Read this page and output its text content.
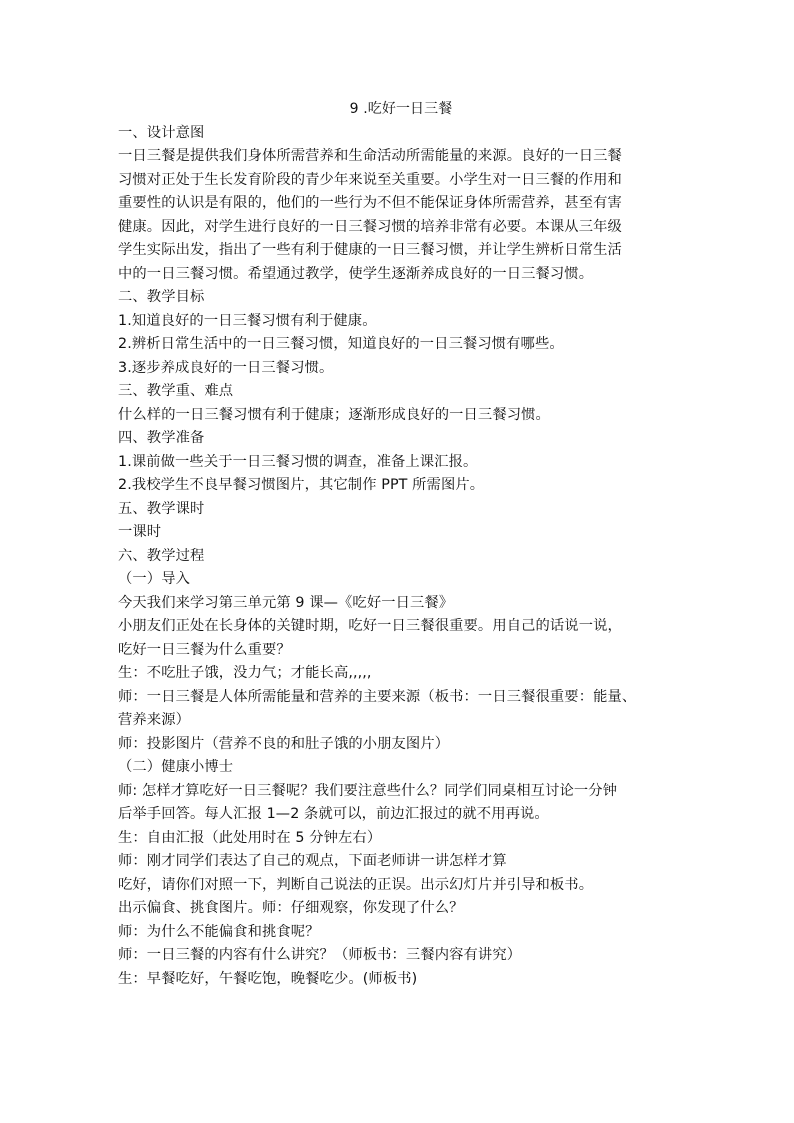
9 .吃好一日三餐

一、设计意图

一日三餐是提供我们身体所需营养和生命活动所需能量的来源。良好的一日三餐

习惯对正处于生长发育阶段的青少年来说至关重要。小学生对一日三餐的作用和

重要性的认识是有限的，他们的一些行为不但不能保证身体所需营养，甚至有害

健康。因此，对学生进行良好的一日三餐习惯的培养非常有必要。本课从三年级

学生实际出发，指出了一些有利于健康的一日三餐习惯，并让学生辨析日常生活

中的一日三餐习惯。希望通过教学，使学生逐渐养成良好的一日三餐习惯。

二、教学目标

1.知道良好的一日三餐习惯有利于健康。

2.辨析日常生活中的一日三餐习惯，知道良好的一日三餐习惯有哪些。

3.逐步养成良好的一日三餐习惯。

三、教学重、难点

什么样的一日三餐习惯有利于健康；逐渐形成良好的一日三餐习惯。

四、教学准备

1.课前做一些关于一日三餐习惯的调查，准备上课汇报。

2.我校学生不良早餐习惯图片，其它制作 PPT 所需图片。

五、教学课时

一课时

六、教学过程

（一）导入

今天我们来学习第三单元第 9 课—《吃好一日三餐》

小朋友们正处在长身体的关键时期，吃好一日三餐很重要。用自己的话说一说，

吃好一日三餐为什么重要？

生：不吃肚子饿，没力气；才能长高,,,,,

师：一日三餐是人体所需能量和营养的主要来源（板书：一日三餐很重要：能量、

营养来源）

师：投影图片（营养不良的和肚子饿的小朋友图片）

（二）健康小博士

师: 怎样才算吃好一日三餐呢？我们要注意些什么？同学们同桌相互讨论一分钟

后举手回答。每人汇报 1—2 条就可以，前边汇报过的就不用再说。

生：自由汇报（此处用时在 5 分钟左右）

师：刚才同学们表达了自己的观点，下面老师讲一讲怎样才算

吃好，请你们对照一下，判断自己说法的正误。出示幻灯片并引导和板书。

出示偏食、挑食图片。师：仔细观察，你发现了什么？

师：为什么不能偏食和挑食呢？

师：一日三餐的内容有什么讲究？（师板书：三餐内容有讲究）

生：早餐吃好，午餐吃饱，晚餐吃少。(师板书)
